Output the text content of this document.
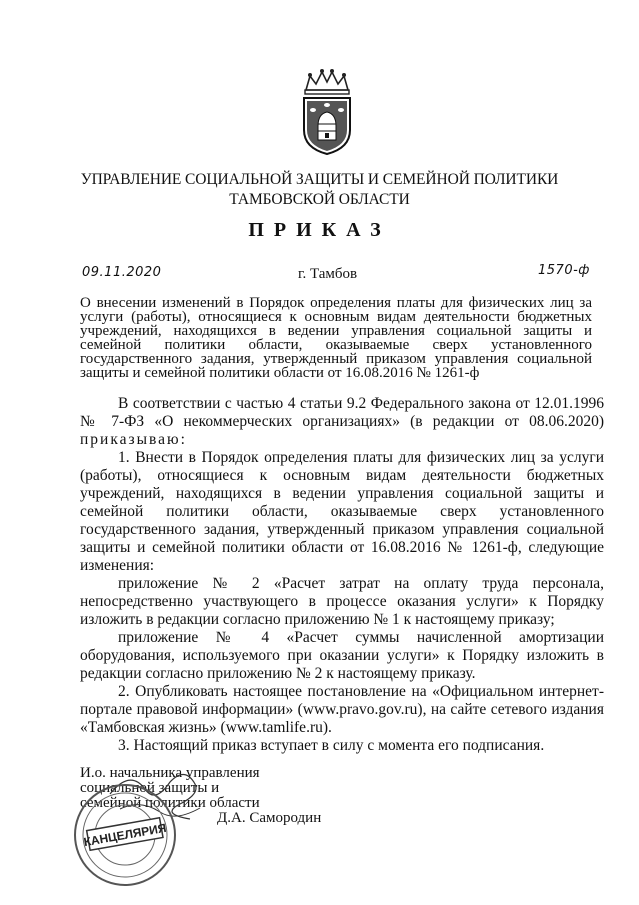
УПРАВЛЕНИЕ СОЦИАЛЬНОЙ ЗАЩИТЫ И СЕМЕЙНОЙ ПОЛИТИКИ
ТАМБОВСКОЙ ОБЛАСТИ
ПРИКАЗ
09.11.2020	г. Тамбов	1570-ф
О внесении изменений в Порядок определения платы для физических лиц за услуги (работы), относящиеся к основным видам деятельности бюджетных учреждений, находящихся в ведении управления социальной защиты и семейной политики области, оказываемые сверх установленного государственного задания, утвержденный приказом управления социальной защиты и семейной политики области от 16.08.2016 № 1261-ф

В соответствии с частью 4 статьи 9.2 Федерального закона от 12.01.1996 № 7-ФЗ «О некоммерческих организациях» (в редакции от 08.06.2020) приказываю:

1. Внести в Порядок определения платы для физических лиц за услуги (работы), относящиеся к основным видам деятельности бюджетных учреждений, находящихся в ведении управления социальной защиты и семейной политики области, оказываемые сверх установленного государственного задания, утвержденный приказом управления социальной защиты и семейной политики области от 16.08.2016 № 1261-ф, следующие изменения:

приложение № 2 «Расчет затрат на оплату труда персонала, непосредственно участвующего в процессе оказания услуги» к Порядку изложить в редакции согласно приложению № 1 к настоящему приказу;

приложение № 4 «Расчет суммы начисленной амортизации оборудования, используемого при оказании услуги» к Порядку изложить в редакции согласно приложению № 2 к настоящему приказу.

2. Опубликовать настоящее постановление на «Официальном интернет-портале правовой информации» (www.pravo.gov.ru), на сайте сетевого издания «Тамбовская жизнь» (www.tamlife.ru).

3. Настоящий приказ вступает в силу с момента его подписания.

И.о. начальника управления
социальной защиты и
семейной политики области
Д.А. Самородин
КАНЦЕЛЯРИЯ
